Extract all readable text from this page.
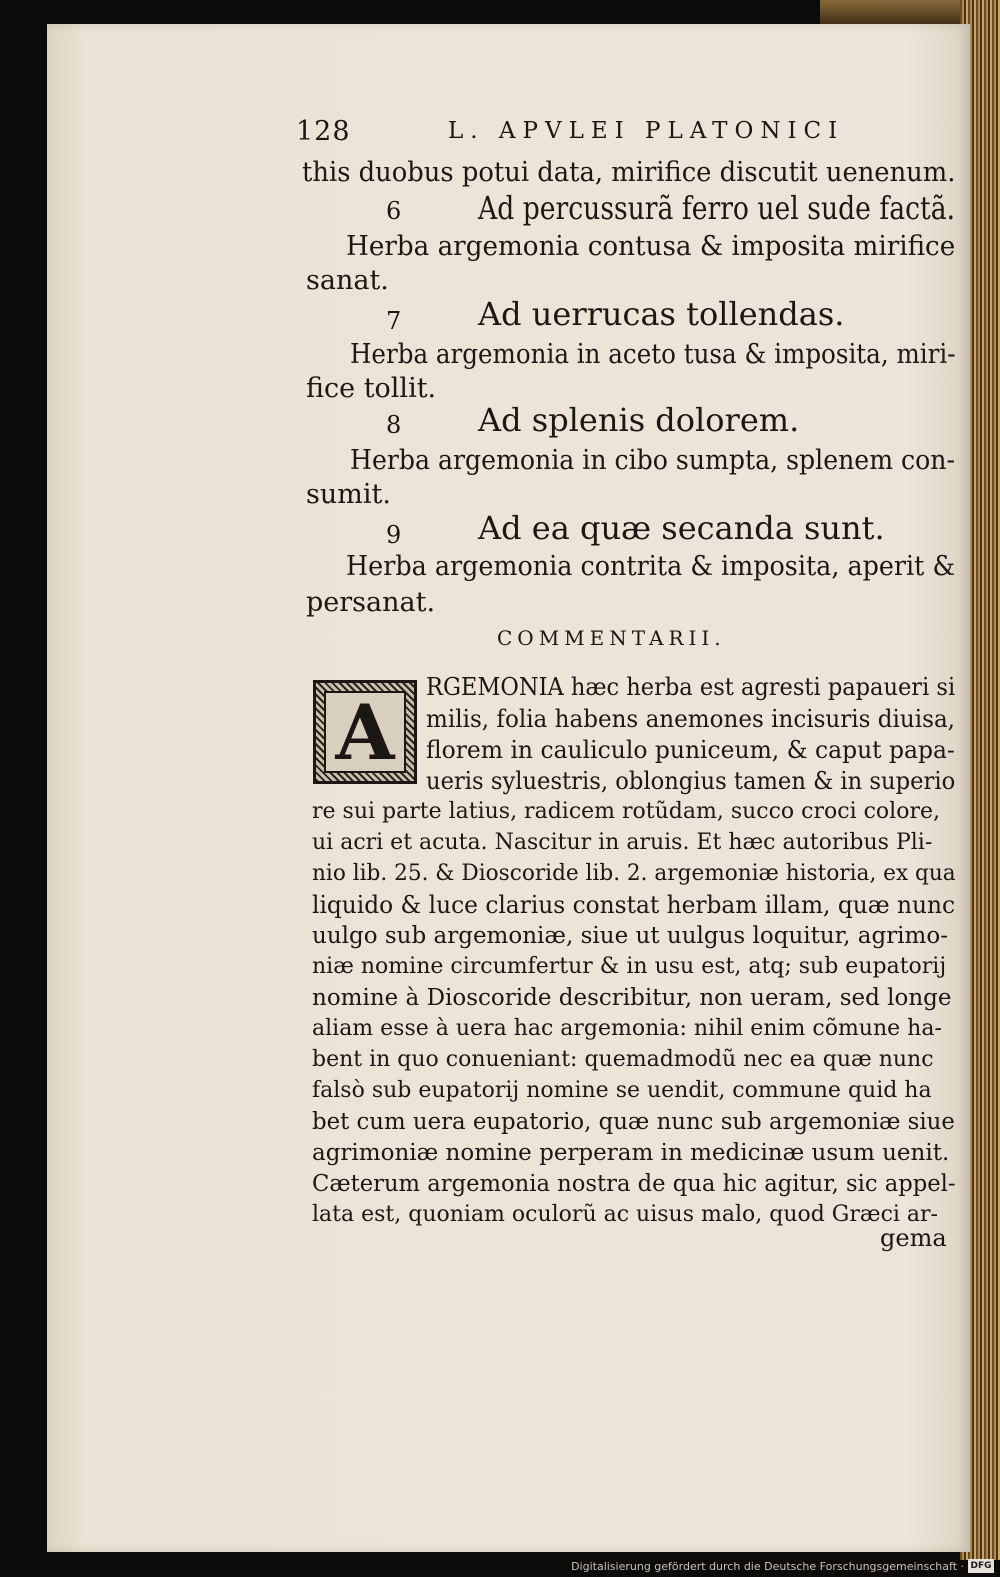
128	L. APVLEI PLATONICI
this duobus potui data, mirifice discutit uenenum.
6 Ad percussurã ferro uel sude factã.
Herba argemonia contusa & imposita mirifice
sanat.
7 Ad uerrucas tollendas.
Herba argemonia in aceto tusa & imposita, miri-
fice tollit.
8 Ad splenis dolorem.
Herba argemonia in cibo sumpta, splenem con-
sumit.
9 Ad ea quæ secanda sunt.
Herba argemonia contrita & imposita, aperit &
persanat.
COMMENTARII.
A
RGEMONIA hæc herba est agresti papaueri si
milis, folia habens anemones incisuris diuisa,
florem in cauliculo puniceum, & caput papa-
ueris syluestris, oblongius tamen & in superio
re sui parte latius, radicem rotũdam, succo croci colore,
ui acri et acuta. Nascitur in aruis. Et hæc autoribus Pli-
nio lib. 25. & Dioscoride lib. 2. argemoniæ historia, ex qua
liquido & luce clarius constat herbam illam, quæ nunc
uulgo sub argemoniæ, siue ut uulgus loquitur, agrimo-
niæ nomine circumfertur & in usu est, atq; sub eupatorij
nomine à Dioscoride describitur, non ueram, sed longe
aliam esse à uera hac argemonia: nihil enim cõmune ha-
bent in quo conueniant: quemadmodũ nec ea quæ nunc
falsò sub eupatorij nomine se uendit, commune quid ha
bet cum uera eupatorio, quæ nunc sub argemoniæ siue
agrimoniæ nomine perperam in medicinæ usum uenit.
Cæterum argemonia nostra de qua hic agitur, sic appel-
lata est, quoniam oculorũ ac uisus malo, quod Græci ar-
gema
Digitalisierung gefördert durch die Deutsche Forschungsgemeinschaft · DFG
